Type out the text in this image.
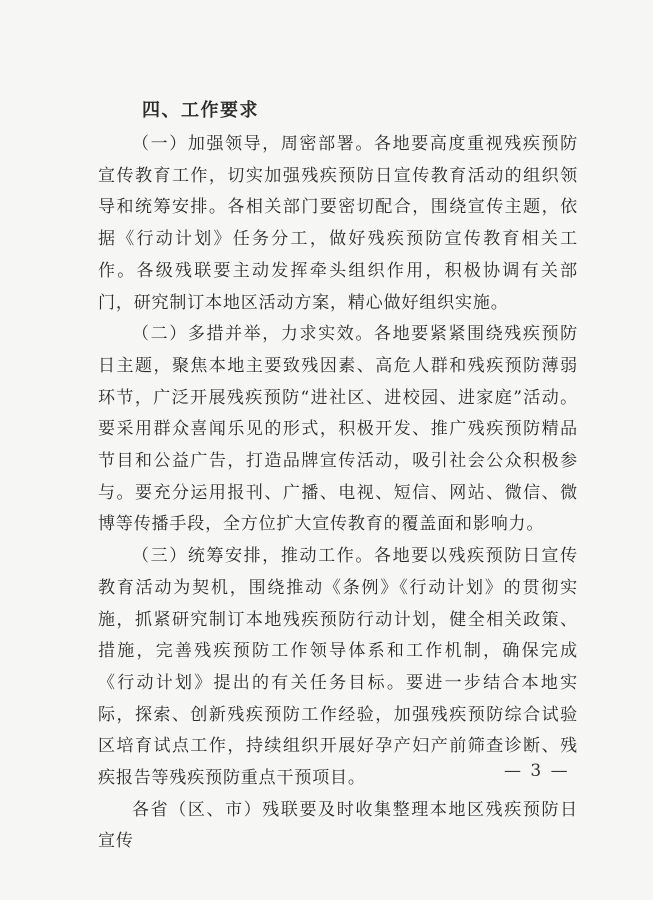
四、工作要求

（一）加强领导，周密部署。各地要高度重视残疾预防宣传教育工作，切实加强残疾预防日宣传教育活动的组织领导和统筹安排。各相关部门要密切配合，围绕宣传主题，依据《行动计划》任务分工，做好残疾预防宣传教育相关工作。各级残联要主动发挥牵头组织作用，积极协调有关部门，研究制订本地区活动方案，精心做好组织实施。

（二）多措并举，力求实效。各地要紧紧围绕残疾预防日主题，聚焦本地主要致残因素、高危人群和残疾预防薄弱环节，广泛开展残疾预防“进社区、进校园、进家庭”活动。要采用群众喜闻乐见的形式，积极开发、推广残疾预防精品节目和公益广告，打造品牌宣传活动，吸引社会公众积极参与。要充分运用报刊、广播、电视、短信、网站、微信、微博等传播手段，全方位扩大宣传教育的覆盖面和影响力。

（三）统筹安排，推动工作。各地要以残疾预防日宣传教育活动为契机，围绕推动《条例》《行动计划》的贯彻实施，抓紧研究制订本地残疾预防行动计划，健全相关政策、措施，完善残疾预防工作领导体系和工作机制，确保完成《行动计划》提出的有关任务目标。要进一步结合本地实际，探索、创新残疾预防工作经验，加强残疾预防综合试验区培育试点工作，持续组织开展好孕产妇产前筛查诊断、残疾报告等残疾预防重点干预项目。

各省（区、市）残联要及时收集整理本地区残疾预防日宣传

— 3 —
